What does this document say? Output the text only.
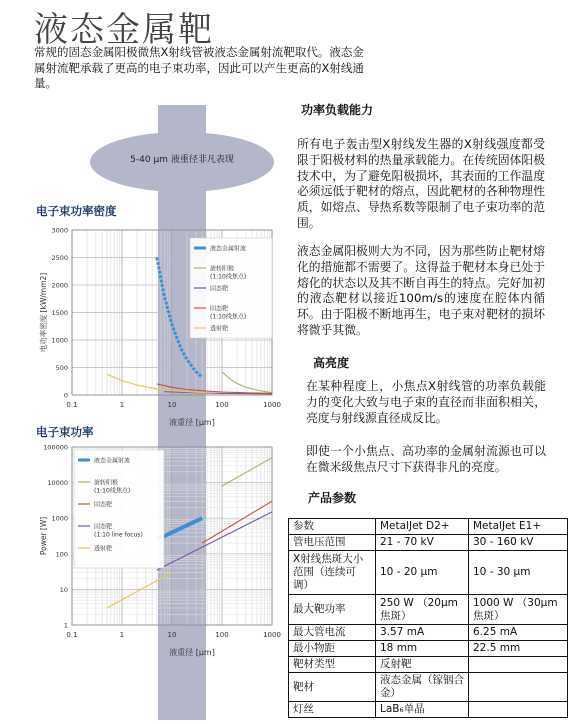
液态金属靶
常规的固态金属阳极微焦X射线管被液态金属射流靶取代。液态金属射流靶承载了更高的电子束功率，因此可以产生更高的X射线通量。
5-40 µm 液重径非凡表现
电子束功率密度
0.1	1	10	100	1000
0
500
1000
1500
2000
2500
3000
液重径 [µm]
电功率密度 [kW/mm2]
液态金属射流
旋转阳极(1:10线焦点)
固态靶
固态靶(1:10线焦点)
透射靶
电子束功率
0.1	1	10	100	1000
1
10
100
1000
10000
100000
液重径 [µm]
Power [W]
液态金属射流
旋转阳极(1:10线焦点)
固态靶
固态靶(1:10 line focus)
透射靶
功率负载能力
所有电子轰击型X射线发生器的X射线强度都受限于阳极材料的热量承载能力。在传统固体阳极技术中，为了避免阳极损坏，其表面的工作温度必须远低于靶材的熔点，因此靶材的各种物理性质，如熔点、导热系数等限制了电子束功率的范围。
液态金属阳极则大为不同，因为那些防止靶材熔化的措施都不需要了。这得益于靶材本身已处于熔化的状态以及其不断自再生的特点。完好加初的液态靶材以接近100m/s的速度在腔体内循环。由于阳极不断地再生，电子束对靶材的损坏将微乎其微。
高亮度
在某种程度上，小焦点X射线管的功率负载能力的变化大致与电子束的直径而非面积相关，亮度与射线源直径成反比。
即使一个小焦点、高功率的金属射流源也可以在微米级焦点尺寸下获得非凡的亮度。
产品参数
参数	MetalJet D2+	MetalJet E1+
管电压范围	21 - 70 kV	30 - 160 kV
X射线焦斑大小范围（连续可调）	10 - 20 µm	10 - 30 µm
最大靶功率	250 W （20µm焦斑）	1000 W （30µm焦斑）
最大管电流	3.57 mA	6.25 mA
最小物距	18 mm	22.5 mm
靶材类型	反射靶	
靶材	液态金属（镓铟合金）	
灯丝	LaB₆单晶	
